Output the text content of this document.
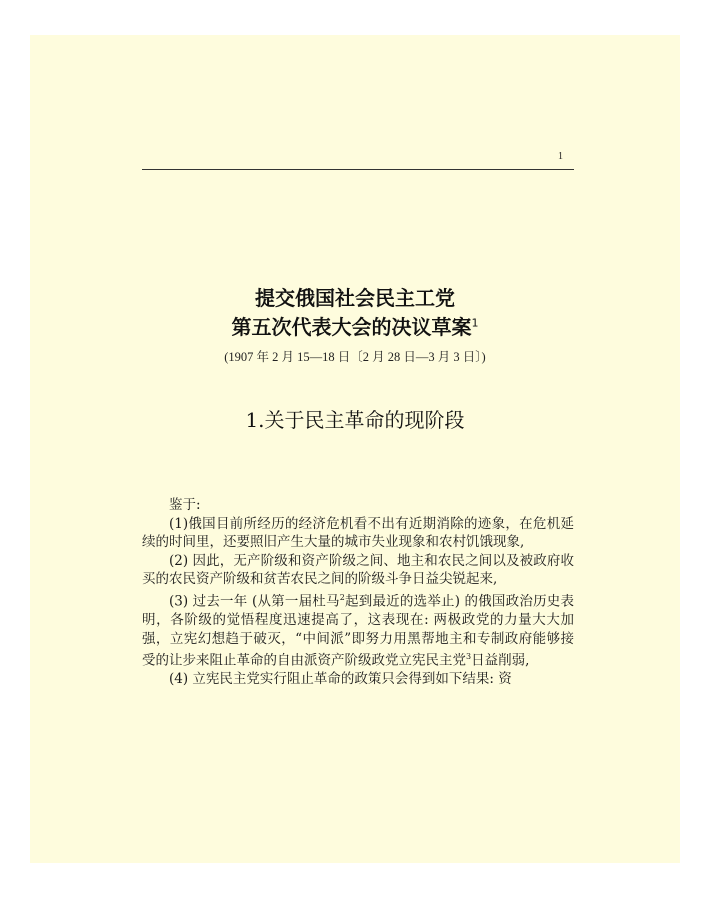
1
提交俄国社会民主工党
第五次代表大会的决议草案$^1$
(1907 年 2 月 15—18 日〔2 月 28 日—3 月 3 日〕)
1.关于民主革命的现阶段

鉴于:

(1)俄国目前所经历的经济危机看不出有近期消除的迹象，在危机延续的时间里，还要照旧产生大量的城市失业现象和农村饥饿现象,

(2) 因此，无产阶级和资产阶级之间、地主和农民之间以及被政府收买的农民资产阶级和贫苦农民之间的阶级斗争日益尖锐起来,

(3) 过去一年 (从第一届杜马$^2$起到最近的选举止) 的俄国政治历史表明，各阶级的觉悟程度迅速提高了，这表现在: 两极政党的力量大大加强，立宪幻想趋于破灭，“中间派”即努力用黑帮地主和专制政府能够接受的让步来阻止革命的自由派资产阶级政党立宪民主党$^3$日益削弱,

(4) 立宪民主党实行阻止革命的政策只会得到如下结果: 资
